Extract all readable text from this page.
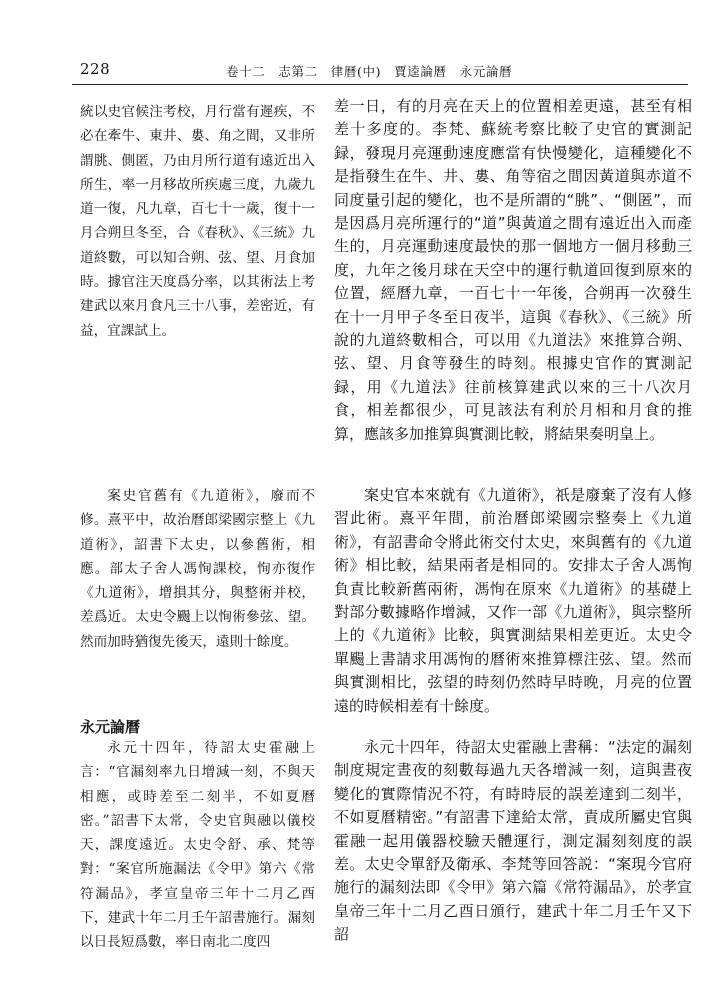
228	卷十二　志第二　律曆(中)　賈逵論曆　永元論曆

統以史官候注考校，月行當有遲疾，不必在牽牛、東井、婁、角之間，又非所謂朓、側匿，乃由月所行道有遠近出入所生，率一月移故所疾處三度，九歲九道一復，凡九章，百七十一歲，復十一月合朔旦冬至，合《春秋》、《三統》九道終數，可以知合朔、弦、望、月食加時。據官注天度爲分率，以其術法上考建武以來月食凡三十八事，差密近，有益，宜課試上。

差一日，有的月亮在天上的位置相差更遠，甚至有相差十多度的。李梵、蘇統考察比較了史官的實測記録，發現月亮運動速度應當有快慢變化，這種變化不是指發生在牛、井、婁、角等宿之間因黃道與赤道不同度量引起的變化，也不是所謂的“朓”、“側匿”，而是因爲月亮所運行的“道”與黃道之間有遠近出入而產生的，月亮運動速度最快的那一個地方一個月移動三度，九年之後月球在天空中的運行軌道回復到原來的位置，經曆九章，一百七十一年後，合朔再一次發生在十一月甲子冬至日夜半，這與《春秋》、《三統》所說的九道終數相合，可以用《九道法》來推算合朔、弦、望、月食等發生的時刻。根據史官作的實測記録，用《九道法》往前核算建武以來的三十八次月食，相差都很少，可見該法有利於月相和月食的推算，應該多加推算與實測比較，將結果奏明皇上。

案史官舊有《九道術》，廢而不修。熹平中，故治曆郎梁國宗整上《九道術》，詔書下太史，以參舊術，相應。部太子舍人馮恂課校，恂亦復作《九道術》，增損其分，與整術并校，差爲近。太史令颺上以恂術參弦、望。然而加時猶復先後天，遠則十餘度。

案史官本來就有《九道術》，祇是廢棄了沒有人修習此術。熹平年間，前治曆郎梁國宗整奏上《九道術》，有詔書命令將此術交付太史，來與舊有的《九道術》相比較，結果兩者是相同的。安排太子舍人馮恂負責比較新舊兩術，馮恂在原來《九道術》的基礎上對部分數據略作增減，又作一部《九道術》，與宗整所上的《九道術》比較，與實測結果相差更近。太史令單颺上書請求用馮恂的曆術來推算標注弦、望。然而與實測相比，弦望的時刻仍然時早時晚，月亮的位置遠的時候相差有十餘度。

永元論曆

永元十四年，待詔太史霍融上言：“官漏刻率九日增減一刻，不與天相應，或時差至二刻半，不如夏曆密。”詔書下太常，令史官與融以儀校天，課度遠近。太史令舒、承、梵等對：“案官所施漏法《令甲》第六《常符漏品》，孝宣皇帝三年十二月乙酉下，建武十年二月壬午詔書施行。漏刻以日長短爲數，率日南北二度四

永元十四年，待詔太史霍融上書稱：“法定的漏刻制度規定晝夜的刻數每過九天各增減一刻，這與晝夜變化的實際情況不符，有時時辰的誤差達到二刻半，不如夏曆精密。”有詔書下達給太常，責成所屬史官與霍融一起用儀器校驗天體運行，測定漏刻刻度的誤差。太史令單舒及衛承、李梵等回答説：“案現今官府施行的漏刻法即《令甲》第六篇《常符漏品》，於孝宣皇帝三年十二月乙酉日頒行，建武十年二月壬午又下詔
